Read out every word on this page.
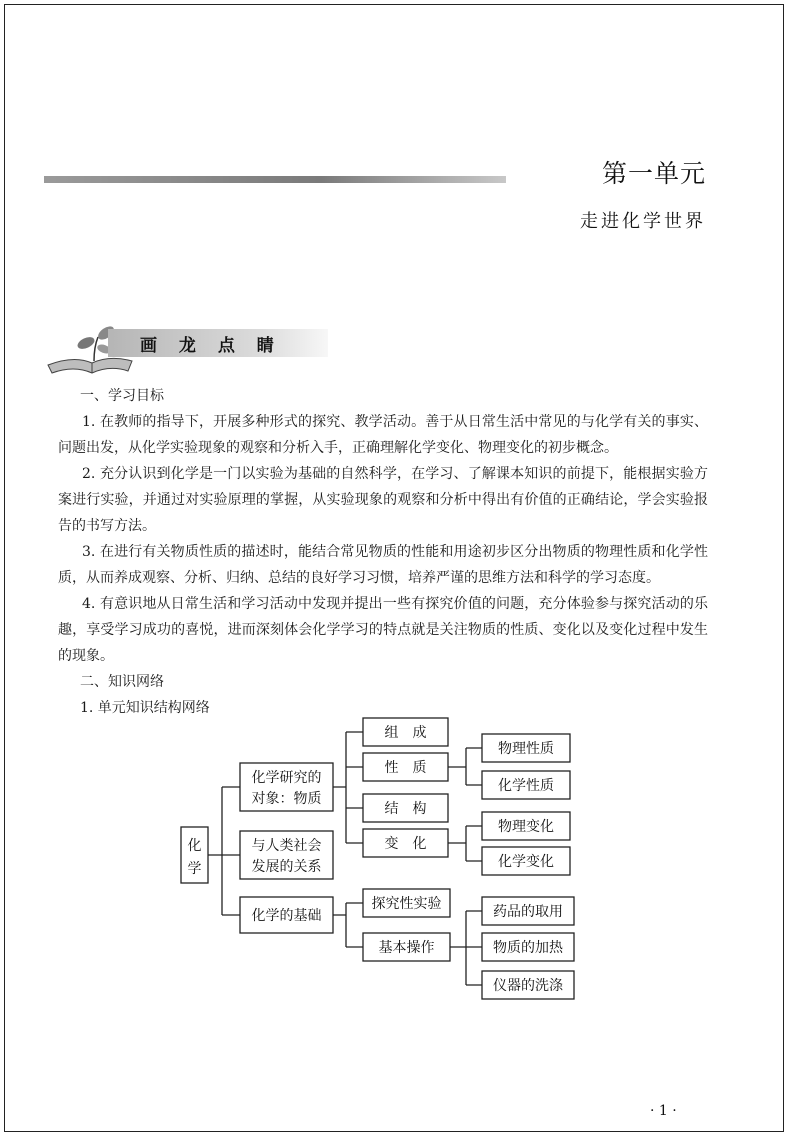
第一单元
走进化学世界
画 龙 点 睛

一、学习目标

1. 在教师的指导下，开展多种形式的探究、教学活动。善于从日常生活中常见的与化学有关的事实、问题出发，从化学实验现象的观察和分析入手，正确理解化学变化、物理变化的初步概念。

2. 充分认识到化学是一门以实验为基础的自然科学，在学习、了解课本知识的前提下，能根据实验方案进行实验，并通过对实验原理的掌握，从实验现象的观察和分析中得出有价值的正确结论，学会实验报告的书写方法。

3. 在进行有关物质性质的描述时，能结合常见物质的性能和用途初步区分出物质的物理性质和化学性质，从而养成观察、分析、归纳、总结的良好学习习惯，培养严谨的思维方法和科学的学习态度。

4. 有意识地从日常生活和学习活动中发现并提出一些有探究价值的问题，充分体验参与探究活动的乐趣，享受学习成功的喜悦，进而深刻体会化学学习的特点就是关注物质的性质、变化以及变化过程中发生的现象。

二、知识网络

1. 单元知识结构网络

化
学
化学研究的
对象：物质
与人类社会
发展的关系
化学的基础
组　成
性　质
结　构
变　化
物理性质
化学性质
物理变化
化学变化
探究性实验
基本操作
药品的取用
物质的加热
仪器的洗涤
· 1 ·
